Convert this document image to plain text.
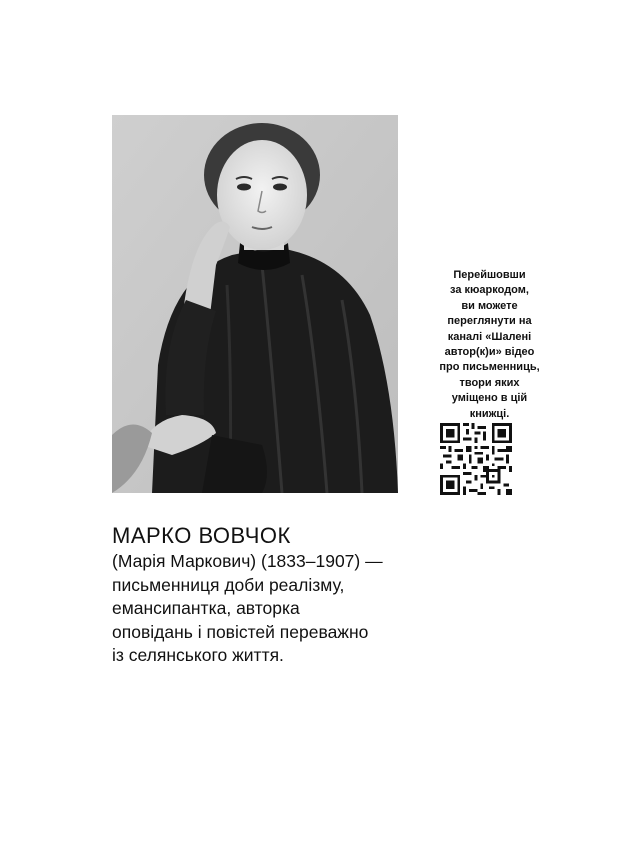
Перейшовши
за кюаркодом,
ви можете
переглянути на
каналі «Шалені
автор(к)и» відео
про письменниць,
твори яких
уміщено в цій
книжці.
МАРКО ВОВЧОК
(Марія Маркович) (1833–1907) —
письменниця доби реалізму,
емансипантка, авторка
оповідань і повістей переважно
із селянського життя.
